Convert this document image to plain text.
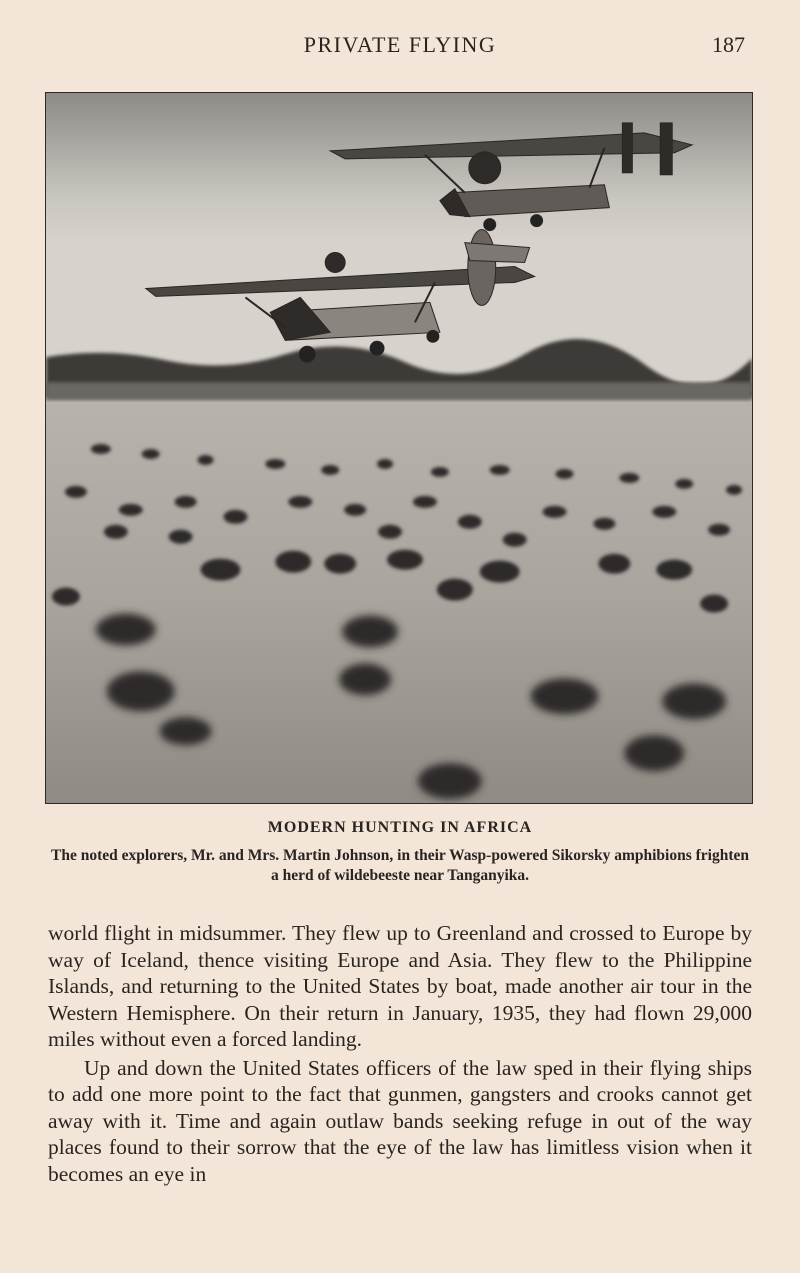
PRIVATE FLYING	187
MODERN HUNTING IN AFRICA
The noted explorers, Mr. and Mrs. Martin Johnson, in their Wasp-powered Sikorsky amphibions frighten a herd of wildebeeste near Tanganyika.

world flight in midsummer. They flew up to Greenland and crossed to Europe by way of Iceland, thence visiting Europe and Asia. They flew to the Philippine Islands, and returning to the United States by boat, made another air tour in the Western Hemisphere. On their return in January, 1935, they had flown 29,000 miles without even a forced landing.

Up and down the United States officers of the law sped in their flying ships to add one more point to the fact that gunmen, gangsters and crooks cannot get away with it. Time and again outlaw bands seeking refuge in out of the way places found to their sorrow that the eye of the law has limitless vision when it becomes an eye in
